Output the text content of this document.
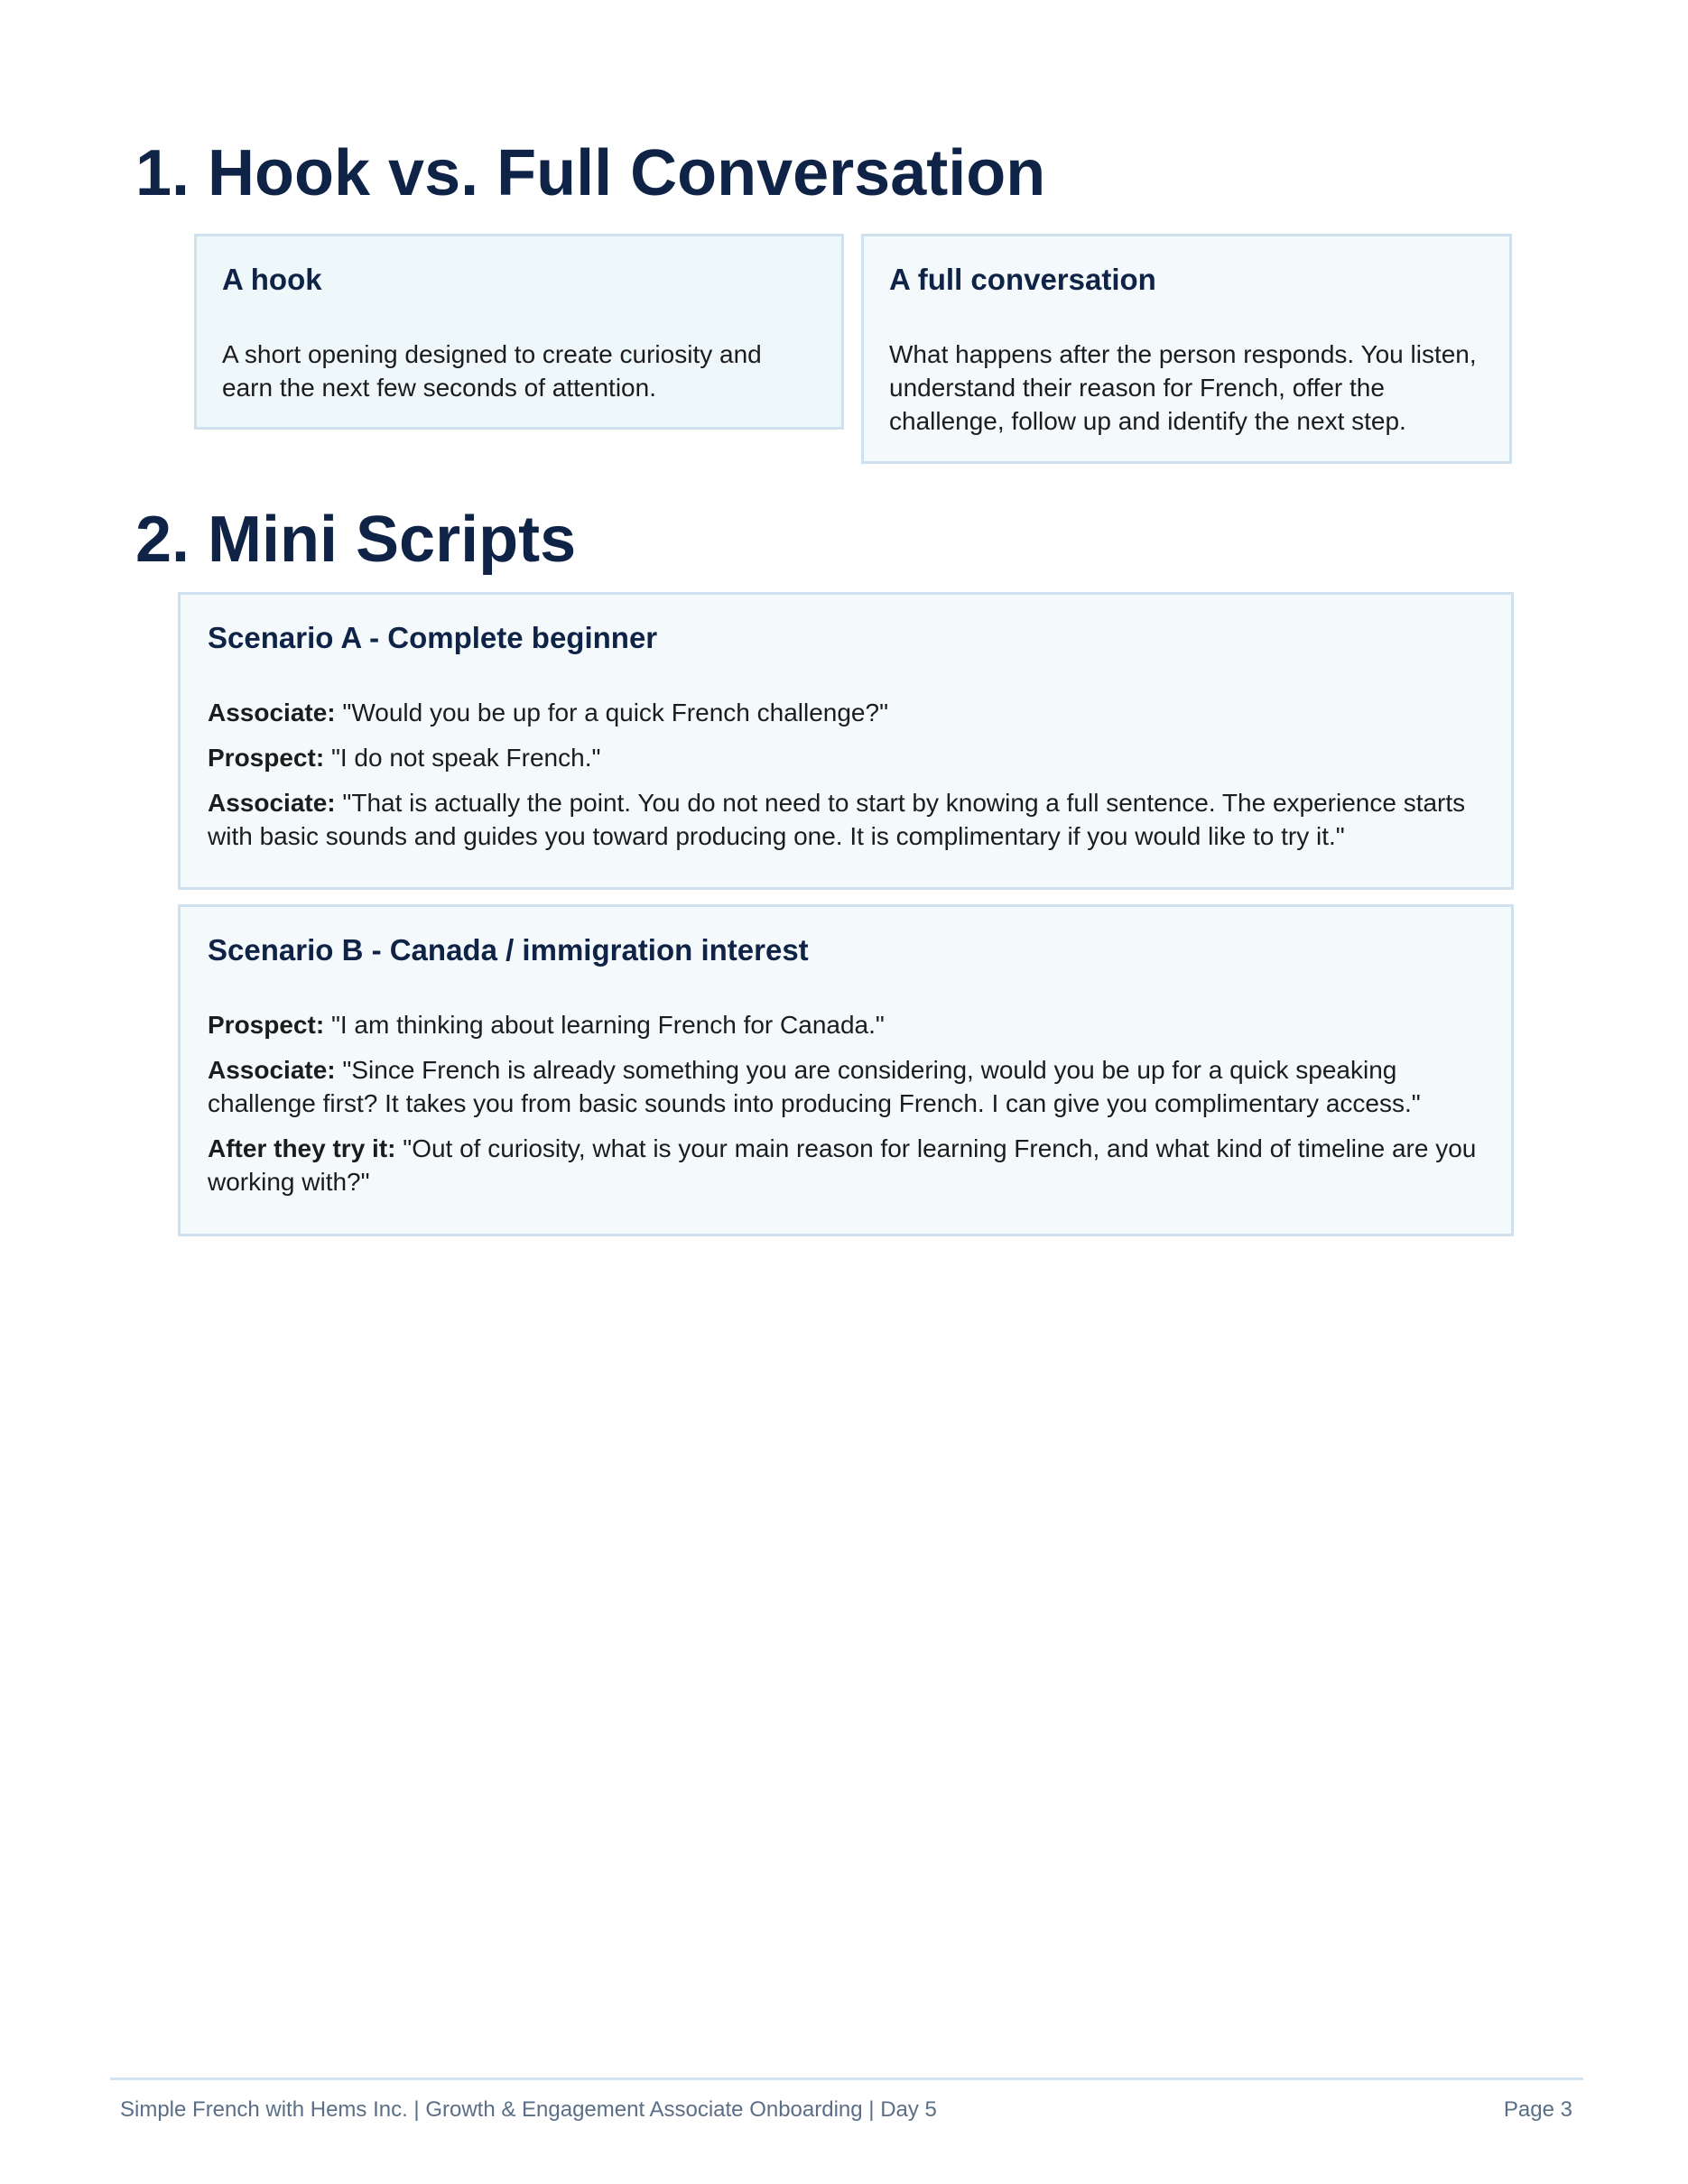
1. Hook vs. Full Conversation
A hook

A short opening designed to create curiosity and earn the next few seconds of attention.

A full conversation

What happens after the person responds. You listen, understand their reason for French, offer the challenge, follow up and identify the next step.

2. Mini Scripts
Scenario A - Complete beginner
Associate: "Would you be up for a quick French challenge?"
Prospect: "I do not speak French."
Associate: "That is actually the point. You do not need to start by knowing a full sentence. The experience starts with basic sounds and guides you toward producing one. It is complimentary if you would like to try it."
Scenario B - Canada / immigration interest
Prospect: "I am thinking about learning French for Canada."
Associate: "Since French is already something you are considering, would you be up for a quick speaking challenge first? It takes you from basic sounds into producing French. I can give you complimentary access."
After they try it: "Out of curiosity, what is your main reason for learning French, and what kind of timeline are you working with?"
Simple French with Hems Inc. | Growth & Engagement Associate Onboarding | Day 5	Page 3
